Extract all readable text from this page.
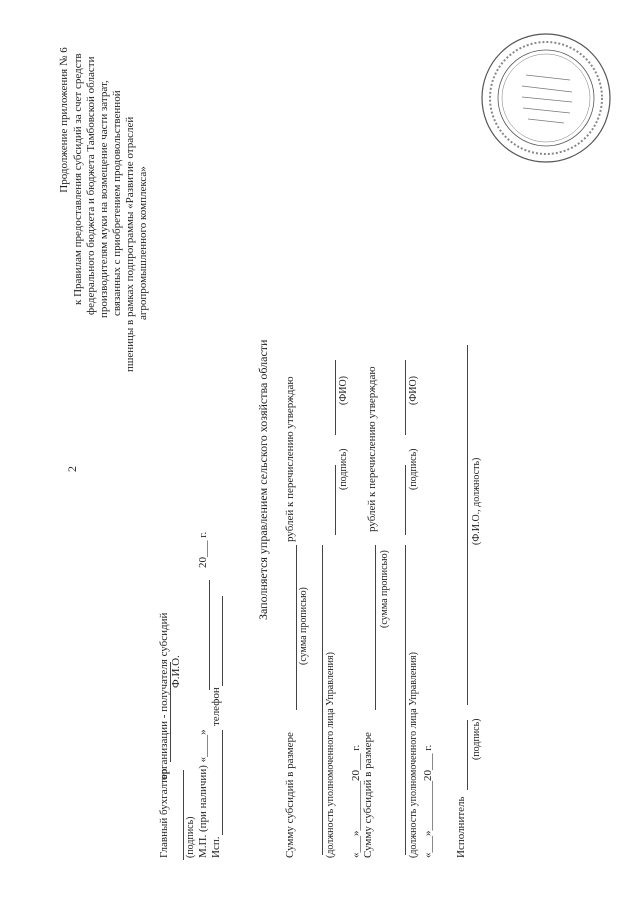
2
Продолжение приложения № 6 к Правилам предоставления субсидий за счет средств федерального бюджета и бюджета Тамбовской области производителям муки на возмещение части затрат, связанных с приобретением продовольственной пшеницы в рамках подпрограммы «Развитие отраслей агропромышленного комплекса»
Главный бухгалтер
организации - получателя субсидий Ф.И.О.
(подпись) М.П. (при наличии) «____»
20___ г.
Исп.
телефон
Заполняется управлением сельского хозяйства области
Сумму субсидий в размере
рублей к перечислению утверждаю
(сумма прописью)
(должность уполномоченного лица Управления)
(подпись)
(ФИО)
«___»_________20___ г. Сумму субсидий в размере
рублей к перечислению утверждаю
(сумма прописью)
(должность уполномоченного лица Управления)
(подпись)
(ФИО)
«___»_________20___ г. Исполнитель
(подпись)
(Ф.И.О., должность)
